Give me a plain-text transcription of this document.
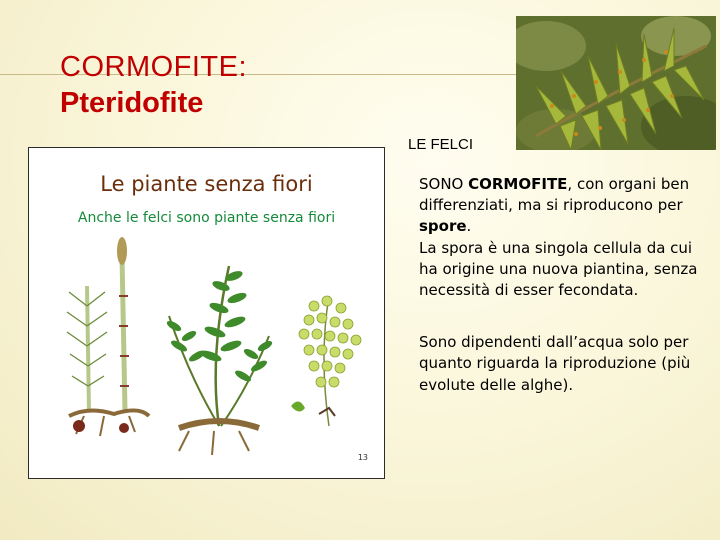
CORMOFITE:
Pteridofite

LE FELCI

Le piante senza fiori

Anche le felci sono piante senza fiori

13

SONO CORMOFITE, con organi ben differenziati, ma si riproducono per spore.

La spora è una singola cellula da cui ha origine una nuova piantina, senza necessità di esser fecondata.

Sono dipendenti dall’acqua solo per quanto riguarda la riproduzione (più evolute delle alghe).
